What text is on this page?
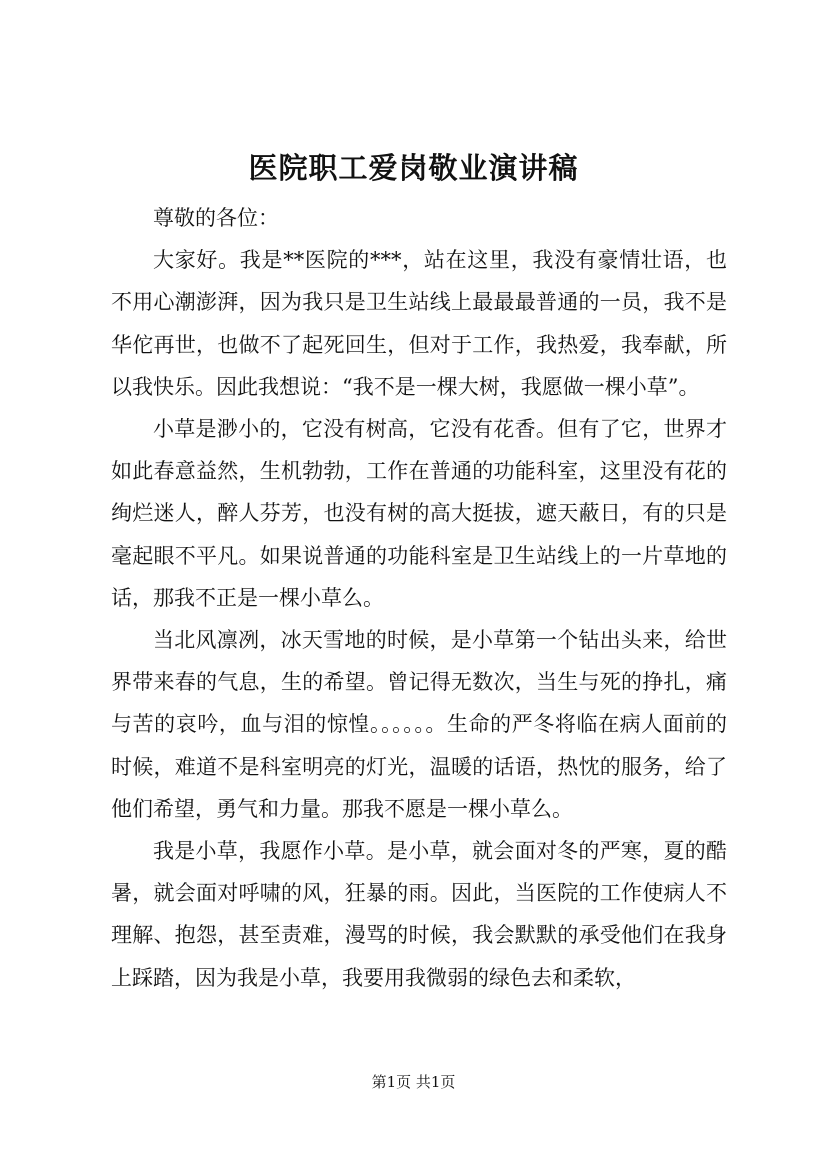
医院职工爱岗敬业演讲稿

尊敬的各位：

大家好。我是**医院的***，站在这里，我没有豪情壮语，也不用心潮澎湃，因为我只是卫生站线上最最最普通的一员，我不是华佗再世，也做不了起死回生，但对于工作，我热爱，我奉献，所以我快乐。因此我想说：“我不是一棵大树，我愿做一棵小草”。

小草是渺小的，它没有树高，它没有花香。但有了它，世界才如此春意益然，生机勃勃，工作在普通的功能科室，这里没有花的绚烂迷人，醉人芬芳，也没有树的高大挺拔，遮天蔽日，有的只是毫起眼不平凡。如果说普通的功能科室是卫生站线上的一片草地的话，那我不正是一棵小草么。

当北风凛冽，冰天雪地的时候，是小草第一个钻出头来，给世界带来春的气息，生的希望。曾记得无数次，当生与死的挣扎，痛与苦的哀吟，血与泪的惊惶。。。。。。生命的严冬将临在病人面前的时候，难道不是科室明亮的灯光，温暖的话语，热忱的服务，给了他们希望，勇气和力量。那我不愿是一棵小草么。

我是小草，我愿作小草。是小草，就会面对冬的严寒，夏的酷暑，就会面对呼啸的风，狂暴的雨。因此，当医院的工作使病人不理解、抱怨，甚至责难，漫骂的时候，我会默默的承受他们在我身上踩踏，因为我是小草，我要用我微弱的绿色去和柔软，

第1页 共1页
